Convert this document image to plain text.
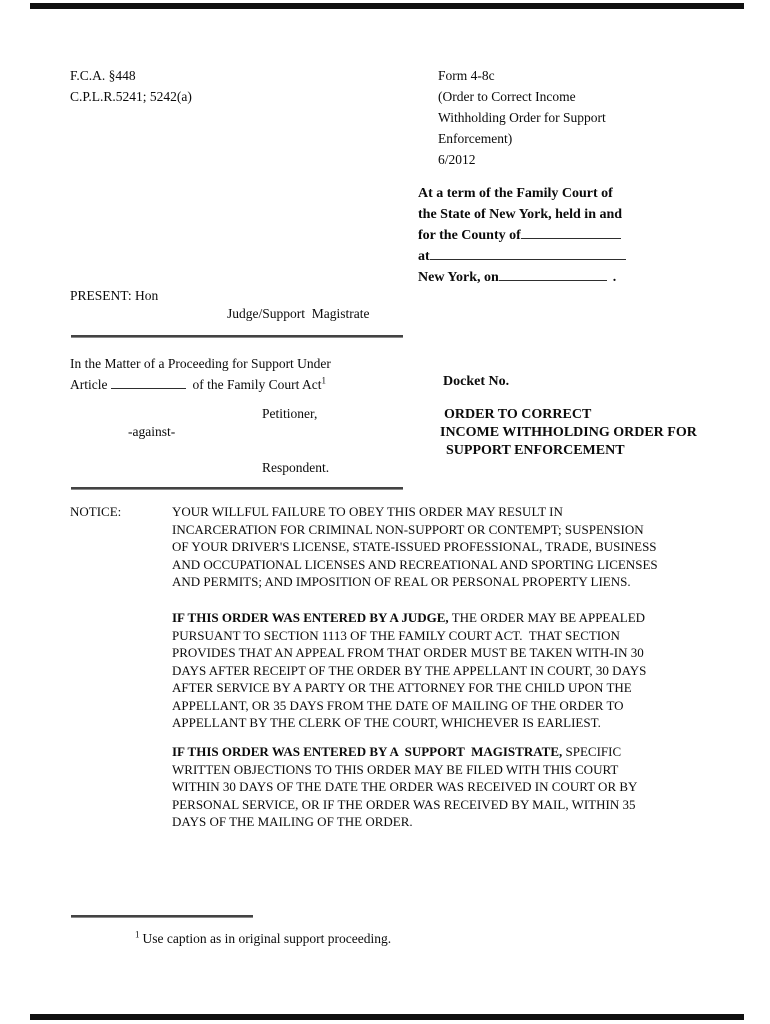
F.C.A. §448
C.P.L.R.5241; 5242(a)
Form 4-8c
(Order to Correct Income
Withholding Order for Support
Enforcement)
6/2012
At a term of the Family Court of
the State of New York, held in and
for the County of
at
New York, on	.
PRESENT: Hon
Judge/Support  Magistrate
In the Matter of a Proceeding for Support Under
Article	of the Family Court Act$^1$	Docket No.
Petitioner,
-against-
ORDER TO CORRECT
INCOME WITHHOLDING ORDER FOR
SUPPORT ENFORCEMENT
Respondent.
NOTICE:	YOUR WILLFUL FAILURE TO OBEY THIS ORDER MAY RESULT IN
INCARCERATION FOR CRIMINAL NON-SUPPORT OR CONTEMPT; SUSPENSION
OF YOUR DRIVER'S LICENSE, STATE-ISSUED PROFESSIONAL, TRADE, BUSINESS
AND OCCUPATIONAL LICENSES AND RECREATIONAL AND SPORTING LICENSES
AND PERMITS; AND IMPOSITION OF REAL OR PERSONAL PROPERTY LIENS.
IF THIS ORDER WAS ENTERED BY A JUDGE, THE ORDER MAY BE APPEALED
PURSUANT TO SECTION 1113 OF THE FAMILY COURT ACT.  THAT SECTION
PROVIDES THAT AN APPEAL FROM THAT ORDER MUST BE TAKEN WITH-IN 30
DAYS AFTER RECEIPT OF THE ORDER BY THE APPELLANT IN COURT, 30 DAYS
AFTER SERVICE BY A PARTY OR THE ATTORNEY FOR THE CHILD UPON THE
APPELLANT, OR 35 DAYS FROM THE DATE OF MAILING OF THE ORDER TO
APPELLANT BY THE CLERK OF THE COURT, WHICHEVER IS EARLIEST.
IF THIS ORDER WAS ENTERED BY A  SUPPORT  MAGISTRATE, SPECIFIC
WRITTEN OBJECTIONS TO THIS ORDER MAY BE FILED WITH THIS COURT
WITHIN 30 DAYS OF THE DATE THE ORDER WAS RECEIVED IN COURT OR BY
PERSONAL SERVICE, OR IF THE ORDER WAS RECEIVED BY MAIL, WITHIN 35
DAYS OF THE MAILING OF THE ORDER.
$^1$ Use caption as in original support proceeding.
